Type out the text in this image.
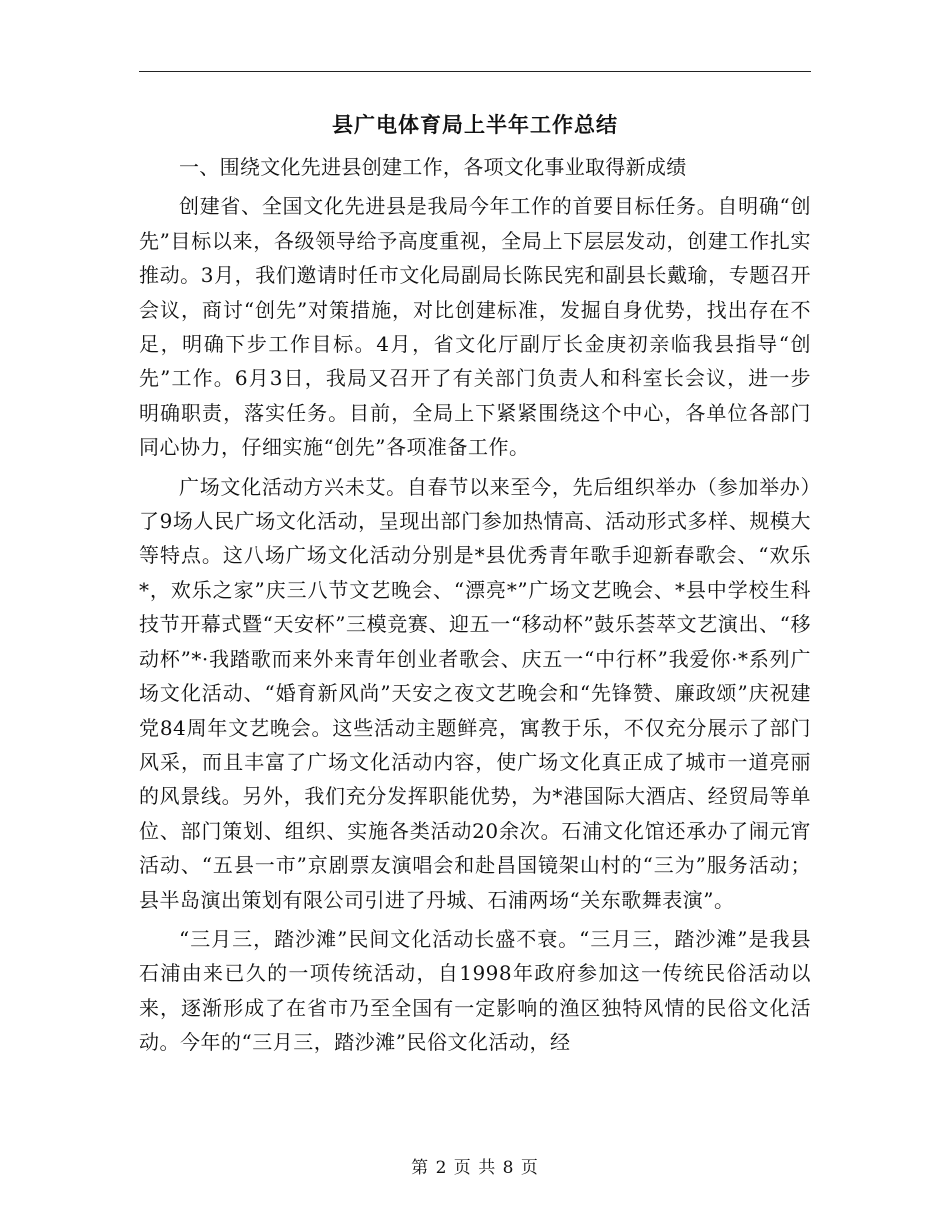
县广电体育局上半年工作总结

一、围绕文化先进县创建工作，各项文化事业取得新成绩

创建省、全国文化先进县是我局今年工作的首要目标任务。自明确“创先”目标以来，各级领导给予高度重视，全局上下层层发动，创建工作扎实推动。3月，我们邀请时任市文化局副局长陈民宪和副县长戴瑜，专题召开会议，商讨“创先”对策措施，对比创建标准，发掘自身优势，找出存在不足，明确下步工作目标。4月，省文化厅副厅长金庚初亲临我县指导“创先”工作。6月3日，我局又召开了有关部门负责人和科室长会议，进一步明确职责，落实任务。目前，全局上下紧紧围绕这个中心，各单位各部门同心协力，仔细实施“创先”各项准备工作。

广场文化活动方兴未艾。自春节以来至今，先后组织举办（参加举办）了9场人民广场文化活动，呈现出部门参加热情高、活动形式多样、规模大等特点。这八场广场文化活动分别是*县优秀青年歌手迎新春歌会、“欢乐*，欢乐之家”庆三八节文艺晚会、“漂亮*”广场文艺晚会、*县中学校生科技节开幕式暨“天安杯”三模竞赛、迎五一“移动杯”鼓乐荟萃文艺演出、“移动杯”*·我踏歌而来外来青年创业者歌会、庆五一“中行杯”我爱你·*系列广场文化活动、“婚育新风尚”天安之夜文艺晚会和“先锋赞、廉政颂”庆祝建党84周年文艺晚会。这些活动主题鲜亮，寓教于乐，不仅充分展示了部门风采，而且丰富了广场文化活动内容，使广场文化真正成了城市一道亮丽的风景线。另外，我们充分发挥职能优势，为*港国际大酒店、经贸局等单位、部门策划、组织、实施各类活动20余次。石浦文化馆还承办了闹元宵活动、“五县一市”京剧票友演唱会和赴昌国镜架山村的“三为”服务活动；县半岛演出策划有限公司引进了丹城、石浦两场“关东歌舞表演”。

“三月三，踏沙滩”民间文化活动长盛不衰。“三月三，踏沙滩”是我县石浦由来已久的一项传统活动，自1998年政府参加这一传统民俗活动以来，逐渐形成了在省市乃至全国有一定影响的渔区独特风情的民俗文化活动。今年的“三月三，踏沙滩”民俗文化活动，经

第 2 页 共 8 页
